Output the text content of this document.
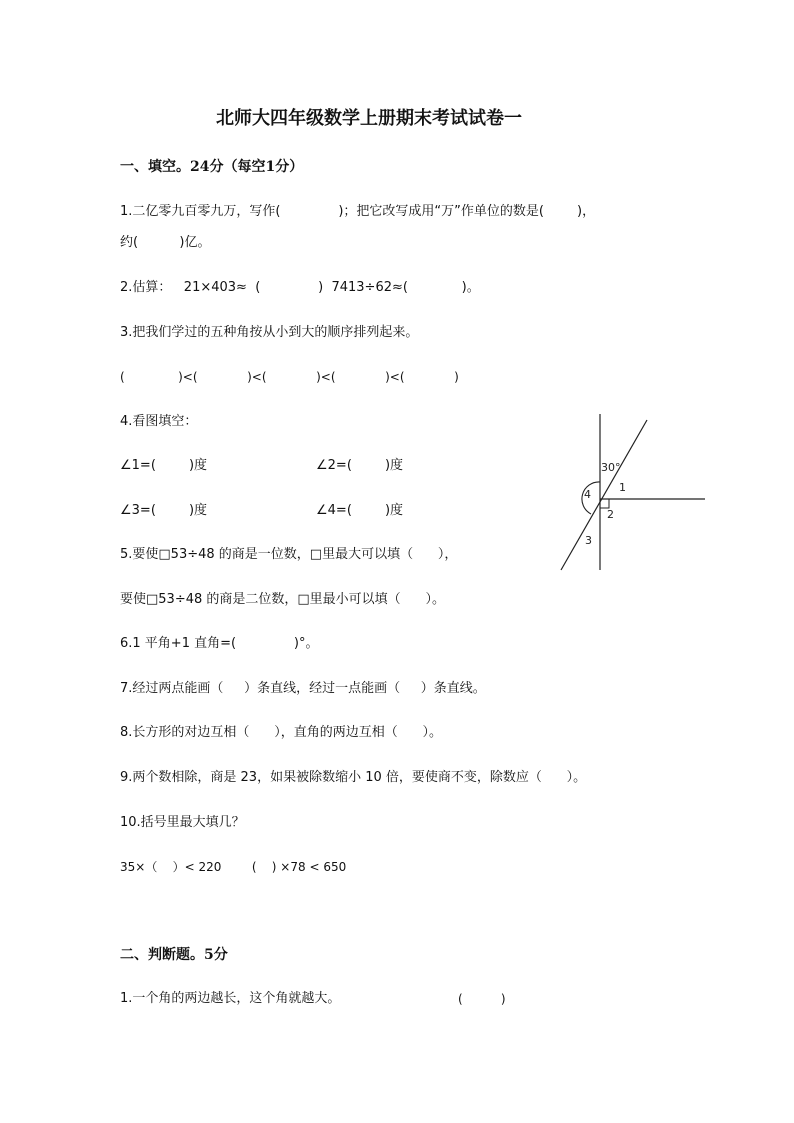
北师大四年级数学上册期末考试试卷一
一、填空。24分（每空1分）
1.二亿零九百零九万，写作(              )；把它改写成用“万”作单位的数是(        )，
约(          )亿。
2.估算：   21×403≈  (              )  7413÷62≈(             )。
3.把我们学过的五种角按从小到大的顺序排列起来。
(              )<(             )<(             )<(             )<(             )
4.看图填空：
∠1=(        )度	∠2=(        )度
∠3=(        )度	∠4=(        )度
30°
1
2
3
4
5.要使□53÷48 的商是一位数，□里最大可以填（      ），
要使□53÷48 的商是二位数，□里最小可以填（      ）。
6.1 平角+1 直角=(              )°。
7.经过两点能画（     ）条直线，经过一点能画（     ）条直线。
8.长方形的对边互相（      ），直角的两边互相（      ）。
9.两个数相除，商是 23，如果被除数缩小 10 倍，要使商不变，除数应（      ）。
10.括号里最大填几？
35×（    ）< 220        (    ) ×78 < 650
二、判断题。5分
1.一个角的两边越长，这个角就越大。	(          )
